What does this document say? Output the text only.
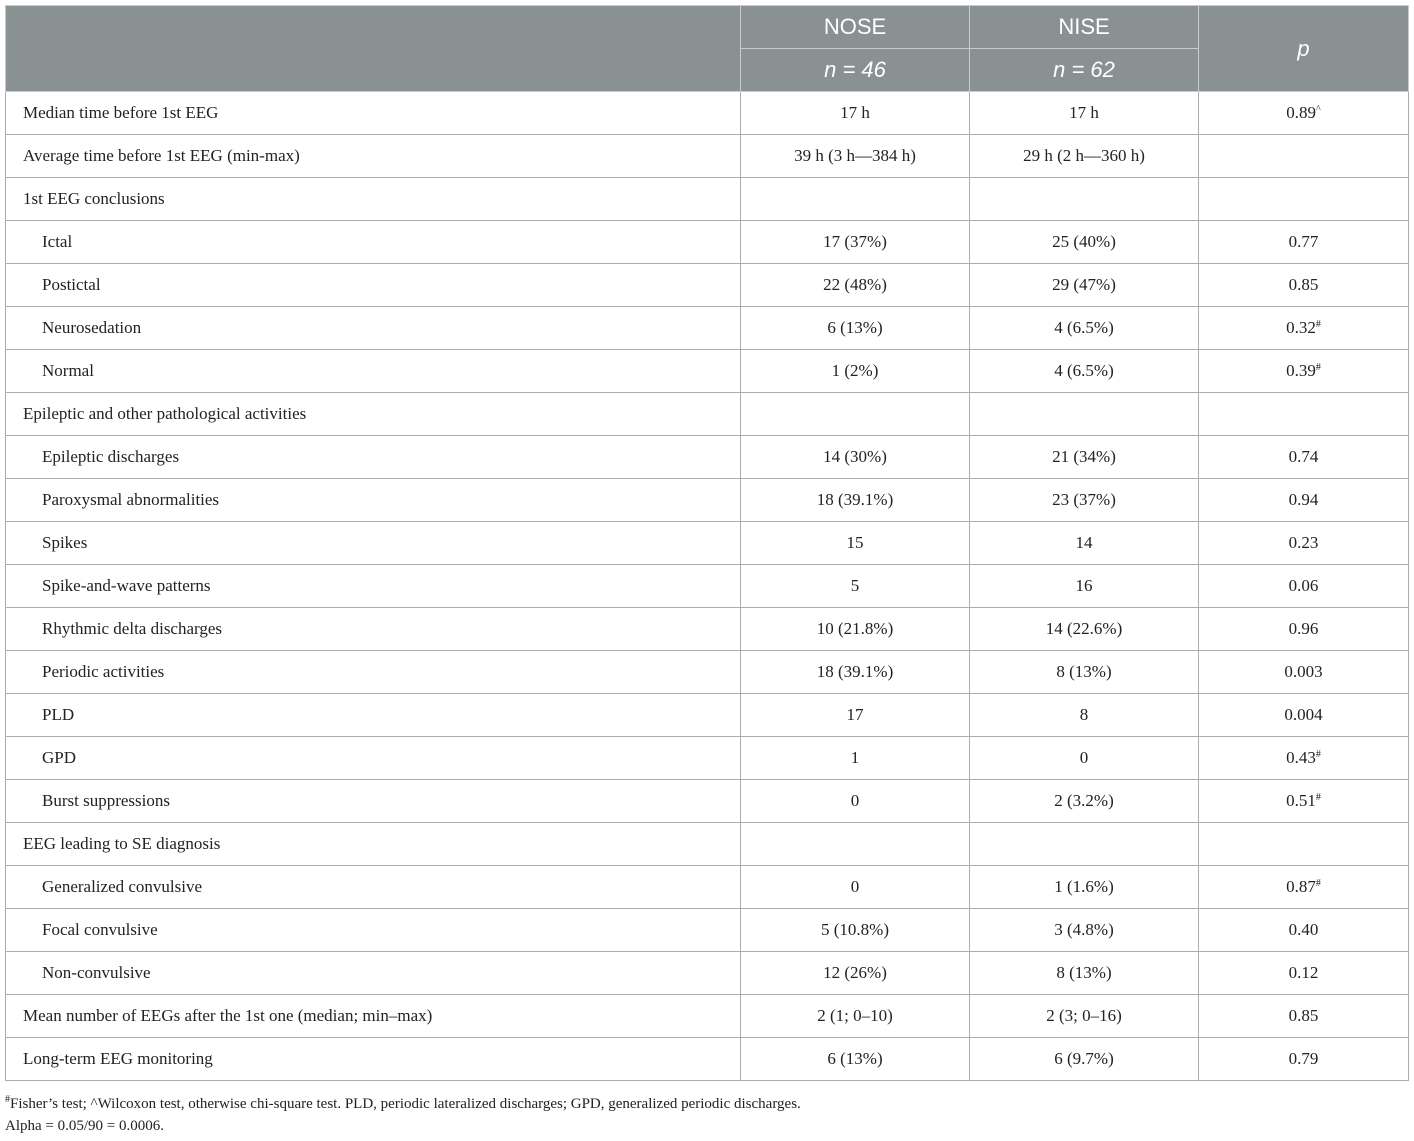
	NOSE	NISE	p
	n = 46	n = 62	
Median time before 1st EEG	17 h	17 h	0.89^
Average time before 1st EEG (min-max)	39 h (3 h—384 h)	29 h (2 h—360 h)	
1st EEG conclusions			
Ictal	17 (37%)	25 (40%)	0.77
Postictal	22 (48%)	29 (47%)	0.85
Neurosedation	6 (13%)	4 (6.5%)	0.32#
Normal	1 (2%)	4 (6.5%)	0.39#
Epileptic and other pathological activities			
Epileptic discharges	14 (30%)	21 (34%)	0.74
Paroxysmal abnormalities	18 (39.1%)	23 (37%)	0.94
Spikes	15	14	0.23
Spike-and-wave patterns	5	16	0.06
Rhythmic delta discharges	10 (21.8%)	14 (22.6%)	0.96
Periodic activities	18 (39.1%)	8 (13%)	0.003
PLD	17	8	0.004
GPD	1	0	0.43#
Burst suppressions	0	2 (3.2%)	0.51#
EEG leading to SE diagnosis			
Generalized convulsive	0	1 (1.6%)	0.87#
Focal convulsive	5 (10.8%)	3 (4.8%)	0.40
Non-convulsive	12 (26%)	8 (13%)	0.12
Mean number of EEGs after the 1st one (median; min–max)	2 (1; 0–10)	2 (3; 0–16)	0.85
Long-term EEG monitoring	6 (13%)	6 (9.7%)	0.79
#Fisher’s test; ^Wilcoxon test, otherwise chi-square test. PLD, periodic lateralized discharges; GPD, generalized periodic discharges.
Alpha = 0.05/90 = 0.0006.
